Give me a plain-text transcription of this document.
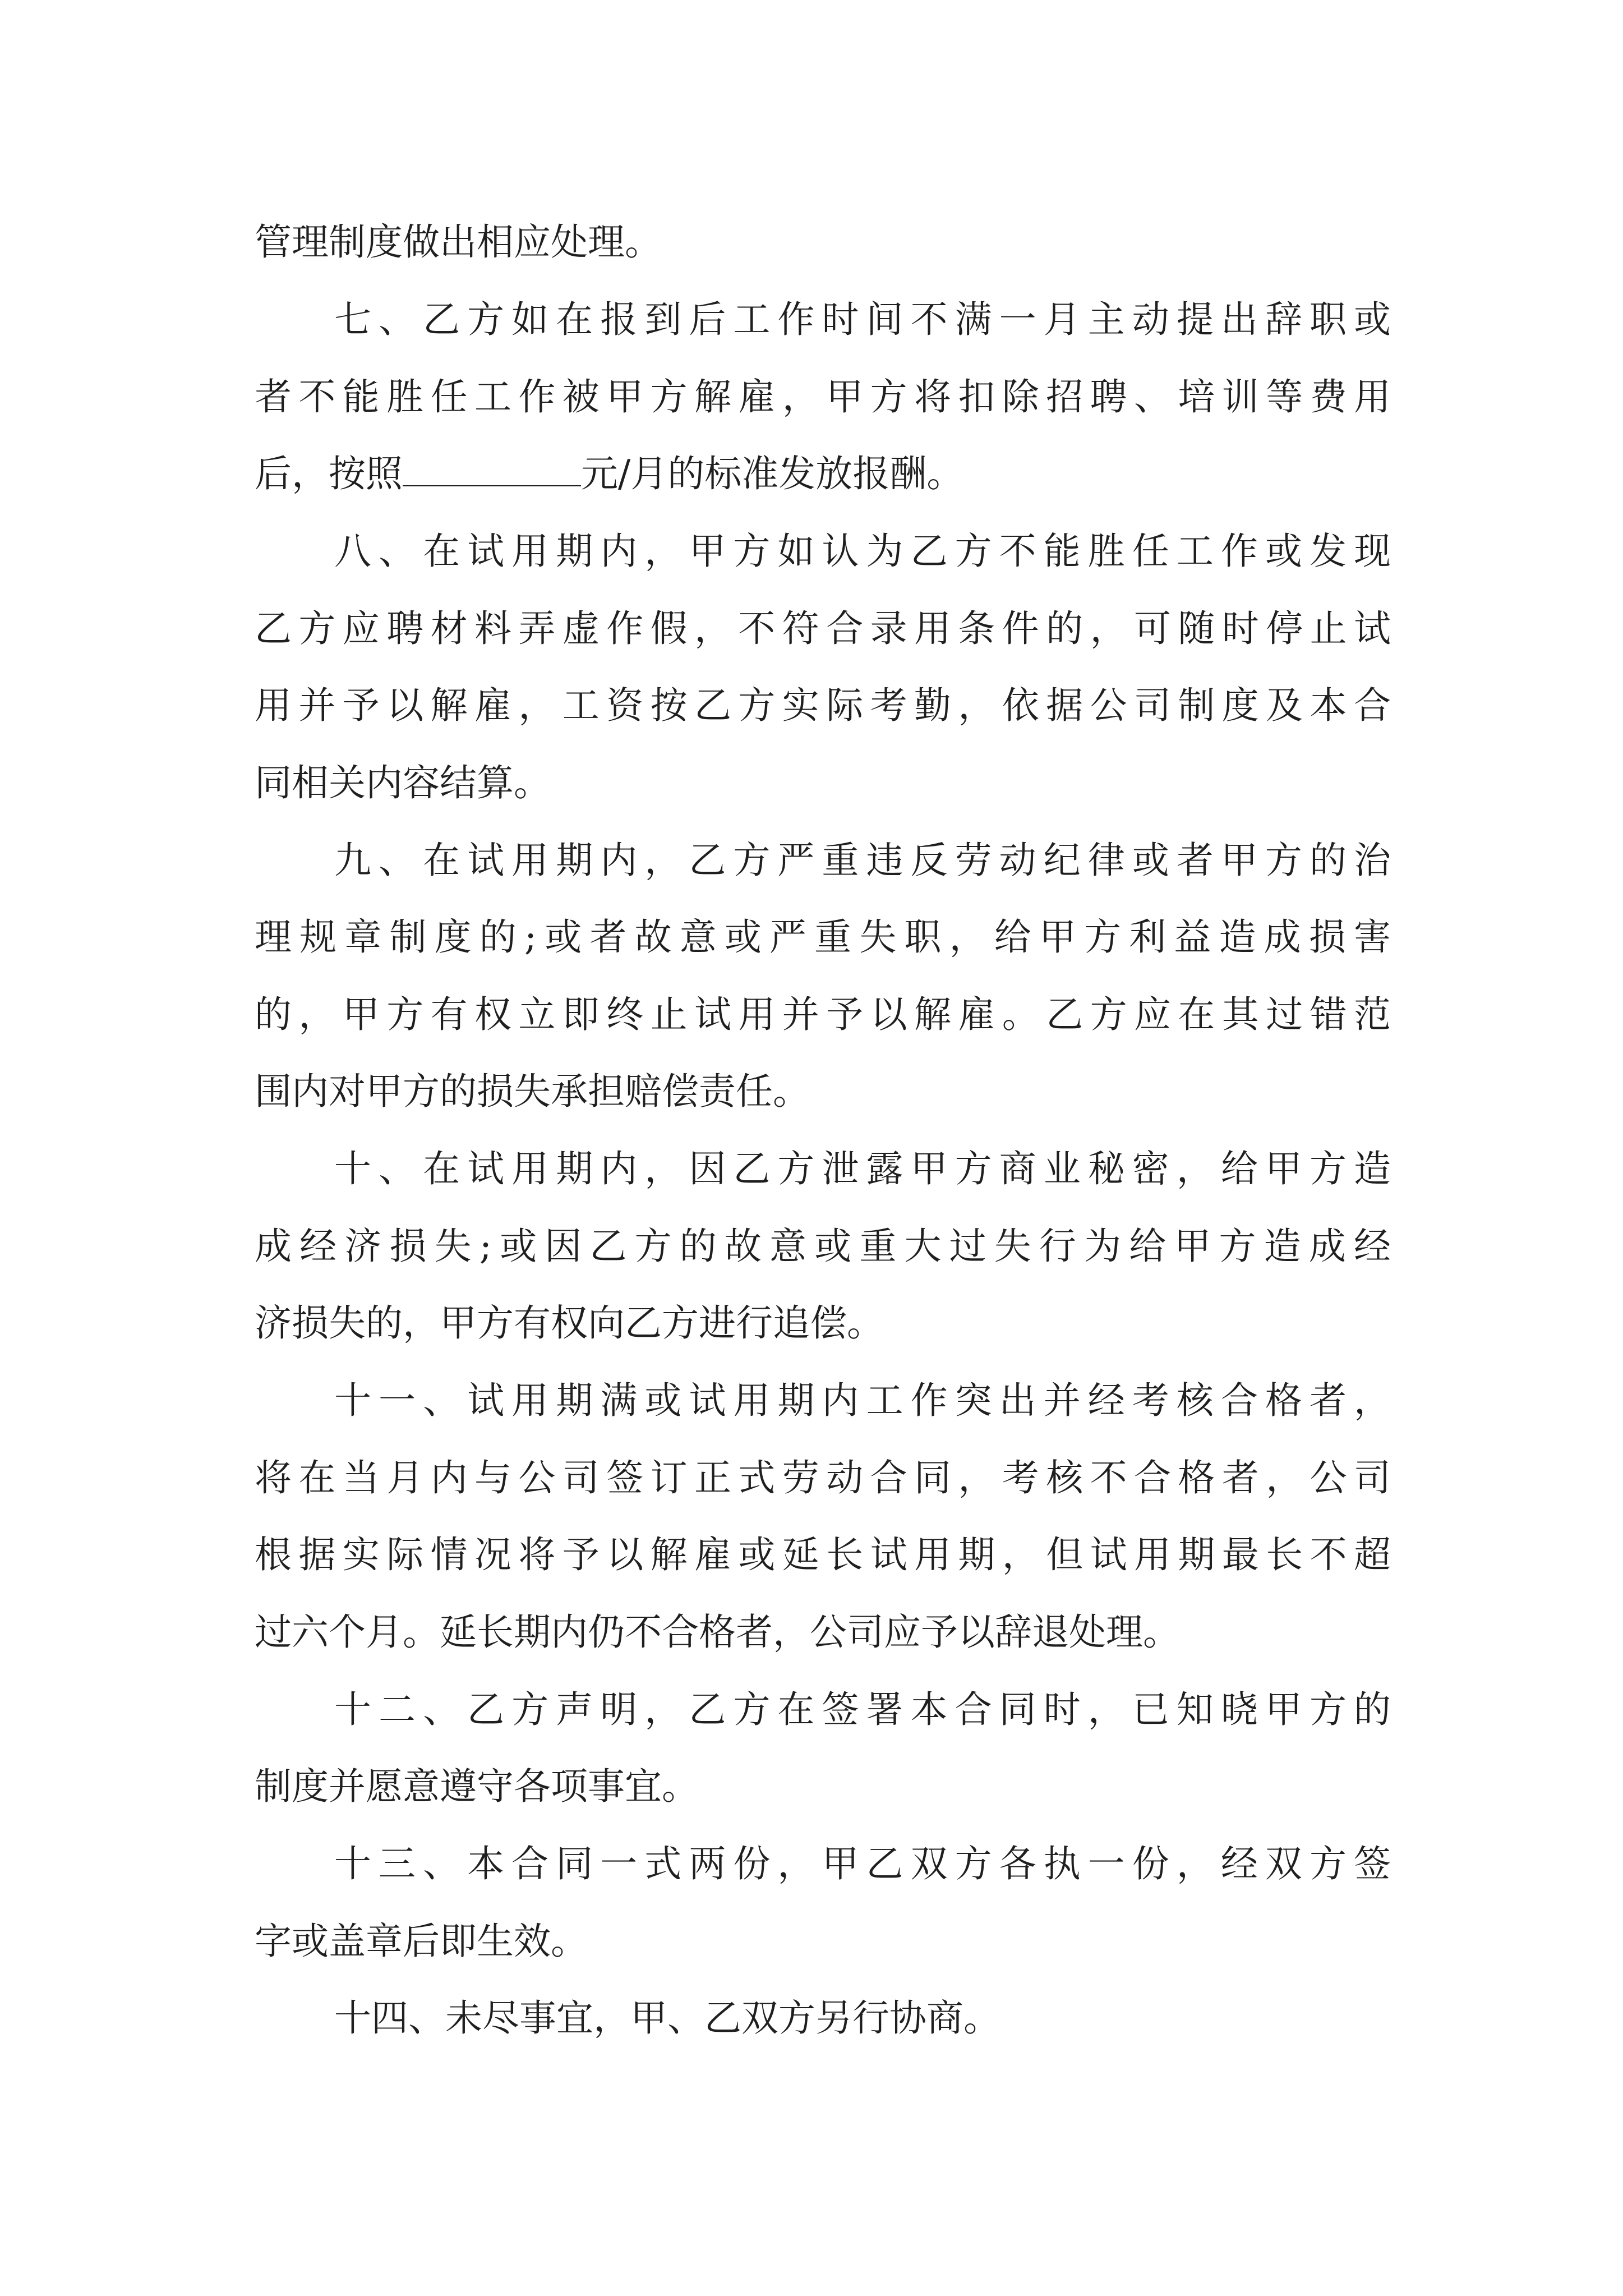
管理制度做出相应处理。
七、乙方如在报到后工作时间不满一月主动提出辞职或
者不能胜任工作被甲方解雇，甲方将扣除招聘、培训等费用
后，按照	元/月的标准发放报酬。
八、在试用期内，甲方如认为乙方不能胜任工作或发现
乙方应聘材料弄虚作假，不符合录用条件的，可随时停止试
用并予以解雇，工资按乙方实际考勤，依据公司制度及本合
同相关内容结算。
九、在试用期内，乙方严重违反劳动纪律或者甲方的治
理规章制度的;或者故意或严重失职，给甲方利益造成损害
的，甲方有权立即终止试用并予以解雇。乙方应在其过错范
围内对甲方的损失承担赔偿责任。
十、在试用期内，因乙方泄露甲方商业秘密，给甲方造
成经济损失;或因乙方的故意或重大过失行为给甲方造成经
济损失的，甲方有权向乙方进行追偿。
十一、试用期满或试用期内工作突出并经考核合格者，
将在当月内与公司签订正式劳动合同，考核不合格者，公司
根据实际情况将予以解雇或延长试用期，但试用期最长不超
过六个月。延长期内仍不合格者，公司应予以辞退处理。
十二、乙方声明，乙方在签署本合同时，已知晓甲方的
制度并愿意遵守各项事宜。
十三、本合同一式两份，甲乙双方各执一份，经双方签
字或盖章后即生效。
十四、未尽事宜，甲、乙双方另行协商。
